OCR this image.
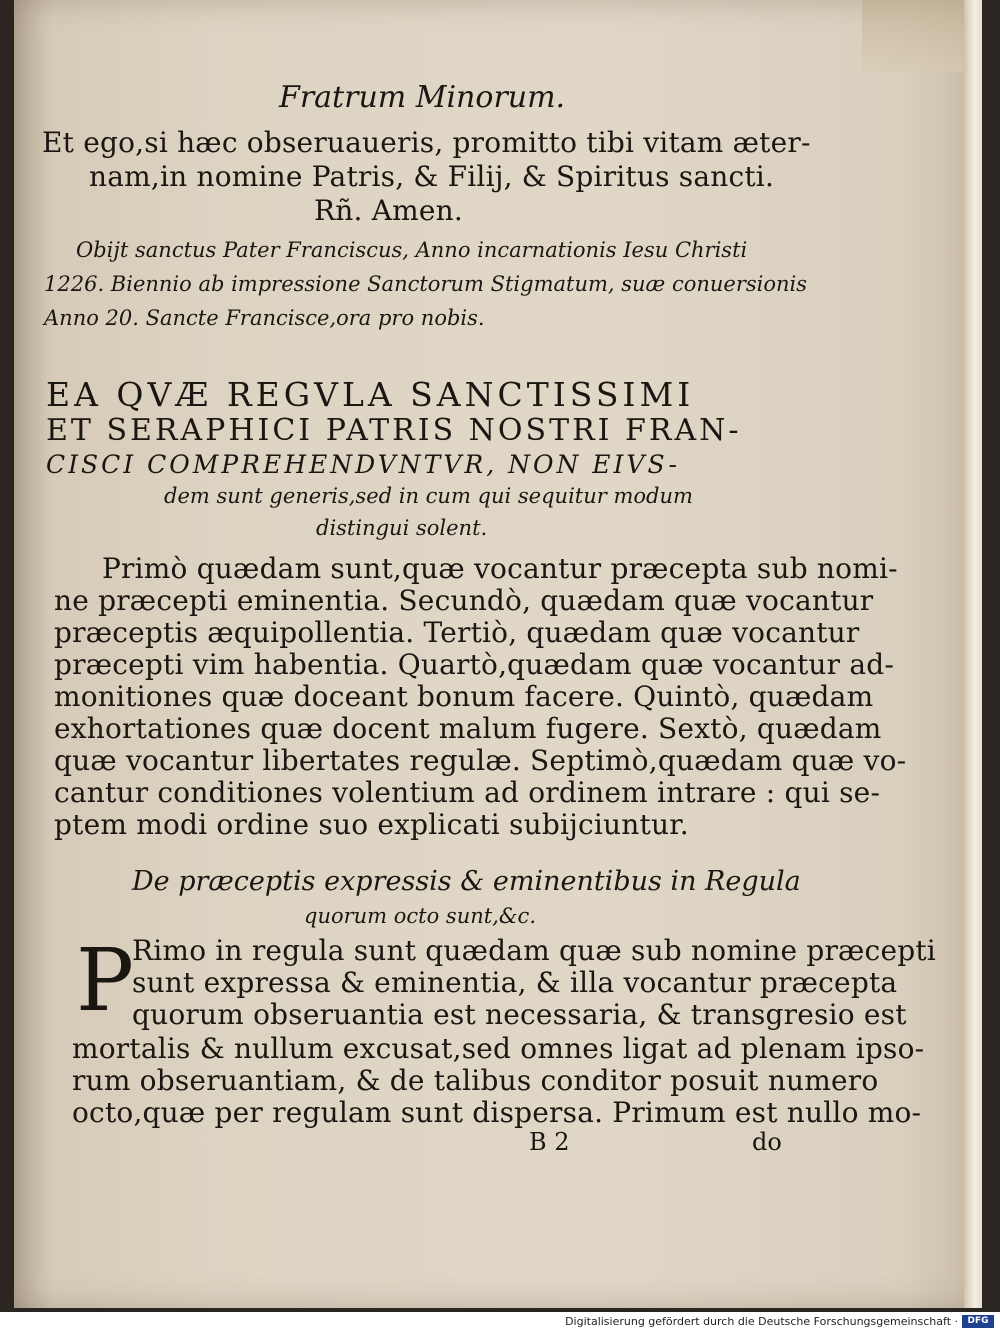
Fratrum Minorum.
Et ego,si hæc obseruaueris, promitto tibi vitam æter-
nam,in nomine Patris, & Filij, & Spiritus sancti.
Rñ. Amen.
Obijt sanctus Pater Franciscus, Anno incarnationis Iesu Christi
1226. Biennio ab impressione Sanctorum Stigmatum, suæ conuersionis
Anno 20. Sancte Francisce,ora pro nobis.
EA QVÆ REGVLA SANCTISSIMI
ET SERAPHICI PATRIS NOSTRI FRAN-
CISCI COMPREHENDVNTVR, NON EIVS-
dem sunt generis,sed in cum qui sequitur modum
distingui solent.
Primò quædam sunt,quæ vocantur præcepta sub nomi-
ne præcepti eminentia. Secundò, quædam quæ vocantur
præceptis æquipollentia. Tertiò, quædam quæ vocantur
præcepti vim habentia. Quartò,quædam quæ vocantur ad-
monitiones quæ doceant bonum facere. Quintò, quædam
exhortationes quæ docent malum fugere. Sextò, quædam
quæ vocantur libertates regulæ. Septimò,quædam quæ vo-
cantur conditiones volentium ad ordinem intrare : qui se-
ptem modi ordine suo explicati subijciuntur.
De præceptis expressis & eminentibus in Regula
quorum octo sunt,&c.
P
Rimo in regula sunt quædam quæ sub nomine præcepti
sunt expressa & eminentia, & illa vocantur præcepta
quorum obseruantia est necessaria, & transgresio est
mortalis & nullum excusat,sed omnes ligat ad plenam ipso-
rum obseruantiam, & de talibus conditor posuit numero
octo,quæ per regulam sunt dispersa. Primum est nullo mo-
B 2	do
Digitalisierung gefördert durch die Deutsche Forschungsgemeinschaft ·	DFG
